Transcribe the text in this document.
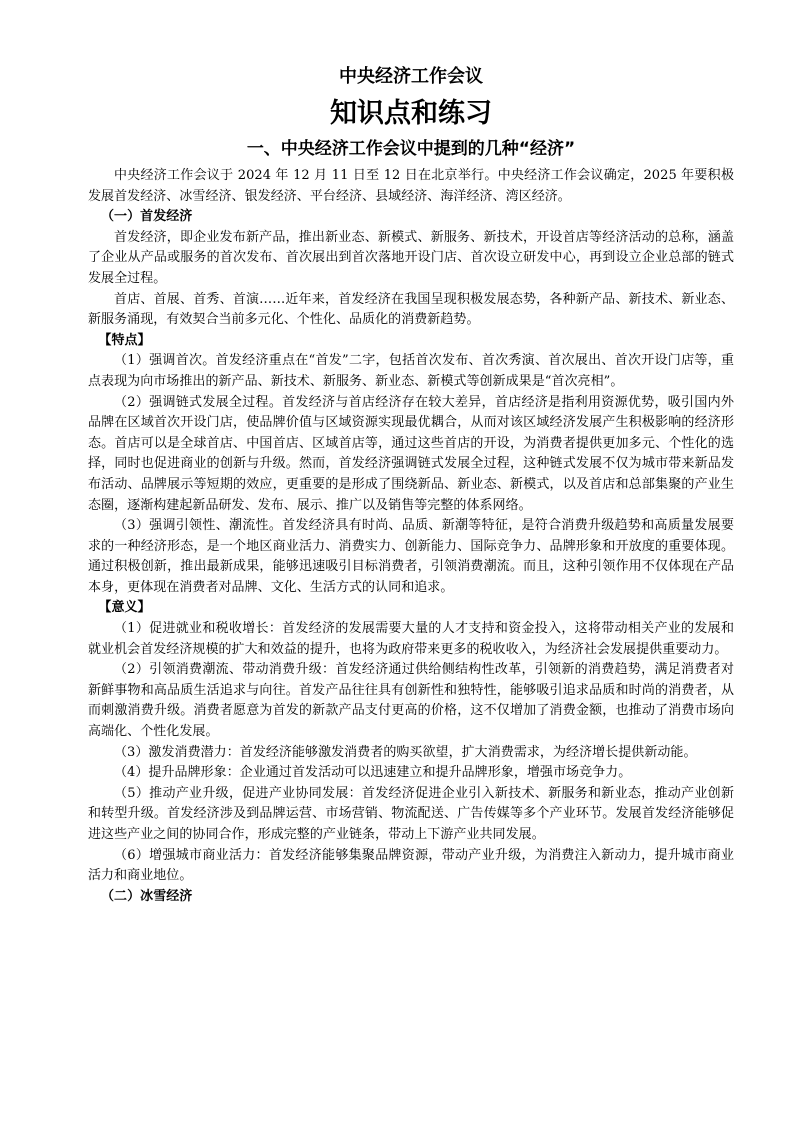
中央经济工作会议
知识点和练习
一、中央经济工作会议中提到的几种“经济”

中央经济工作会议于 2024 年 12 月 11 日至 12 日在北京举行。中央经济工作会议确定，2025 年要积极发展首发经济、冰雪经济、银发经济、平台经济、县域经济、海洋经济、湾区经济。

（一）首发经济

首发经济，即企业发布新产品，推出新业态、新模式、新服务、新技术，开设首店等经济活动的总称，涵盖了企业从产品或服务的首次发布、首次展出到首次落地开设门店、首次设立研发中心，再到设立企业总部的链式发展全过程。

首店、首展、首秀、首演……近年来，首发经济在我国呈现积极发展态势，各种新产品、新技术、新业态、新服务涌现，有效契合当前多元化、个性化、品质化的消费新趋势。

【特点】

（1）强调首次。首发经济重点在“首发”二字，包括首次发布、首次秀演、首次展出、首次开设门店等，重点表现为向市场推出的新产品、新技术、新服务、新业态、新模式等创新成果是“首次亮相”。

（2）强调链式发展全过程。首发经济与首店经济存在较大差异，首店经济是指利用资源优势，吸引国内外品牌在区域首次开设门店，使品牌价值与区域资源实现最优耦合，从而对该区域经济发展产生积极影响的经济形态。首店可以是全球首店、中国首店、区域首店等，通过这些首店的开设，为消费者提供更加多元、个性化的选择，同时也促进商业的创新与升级。然而，首发经济强调链式发展全过程，这种链式发展不仅为城市带来新品发布活动、品牌展示等短期的效应，更重要的是形成了围绕新品、新业态、新模式，以及首店和总部集聚的产业生态圈，逐渐构建起新品研发、发布、展示、推广以及销售等完整的体系网络。

（3）强调引领性、潮流性。首发经济具有时尚、品质、新潮等特征，是符合消费升级趋势和高质量发展要求的一种经济形态，是一个地区商业活力、消费实力、创新能力、国际竞争力、品牌形象和开放度的重要体现。通过积极创新，推出最新成果，能够迅速吸引目标消费者，引领消费潮流。而且，这种引领作用不仅体现在产品本身，更体现在消费者对品牌、文化、生活方式的认同和追求。

【意义】

（1）促进就业和税收增长：首发经济的发展需要大量的人才支持和资金投入，这将带动相关产业的发展和就业机会首发经济规模的扩大和效益的提升，也将为政府带来更多的税收收入，为经济社会发展提供重要动力。

（2）引领消费潮流、带动消费升级：首发经济通过供给侧结构性改革，引领新的消费趋势，满足消费者对新鲜事物和高品质生活追求与向往。首发产品往往具有创新性和独特性，能够吸引追求品质和时尚的消费者，从而刺激消费升级。消费者愿意为首发的新款产品支付更高的价格，这不仅增加了消费金额，也推动了消费市场向高端化、个性化发展。

（3）激发消费潜力：首发经济能够激发消费者的购买欲望，扩大消费需求，为经济增长提供新动能。

（4）提升品牌形象：企业通过首发活动可以迅速建立和提升品牌形象，增强市场竞争力。

（5）推动产业升级，促进产业协同发展：首发经济促进企业引入新技术、新服务和新业态，推动产业创新和转型升级。首发经济涉及到品牌运营、市场营销、物流配送、广告传媒等多个产业环节。发展首发经济能够促进这些产业之间的协同合作，形成完整的产业链条，带动上下游产业共同发展。

（6）增强城市商业活力：首发经济能够集聚品牌资源，带动产业升级，为消费注入新动力，提升城市商业活力和商业地位。

（二）冰雪经济
